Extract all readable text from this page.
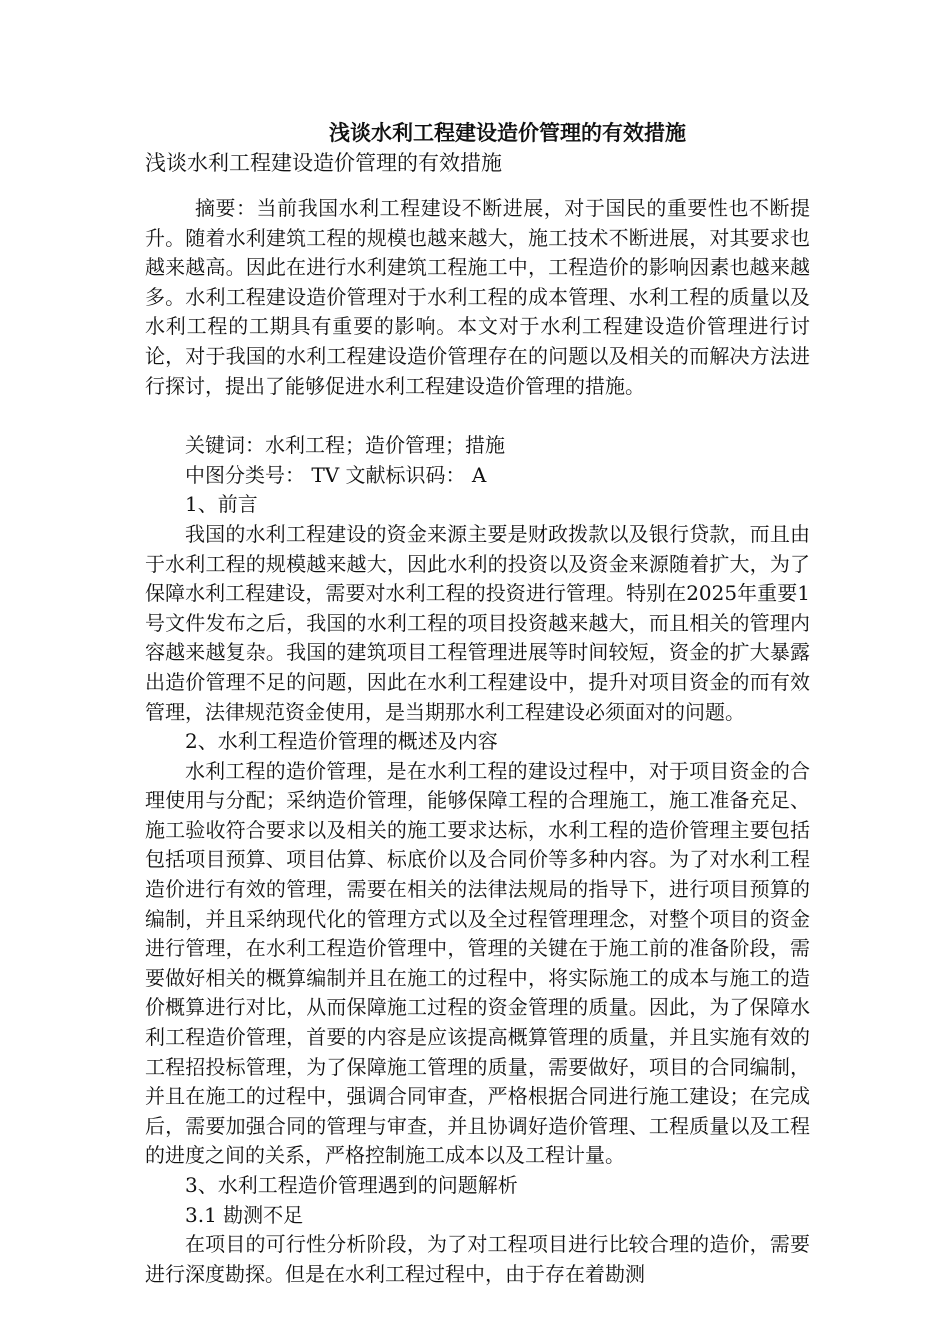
浅谈水利工程建设造价管理的有效措施
浅谈水利工程建设造价管理的有效措施

摘要：当前我国水利工程建设不断进展，对于国民的重要性也不断提升。随着水利建筑工程的规模也越来越大，施工技术不断进展，对其要求也越来越高。因此在进行水利建筑工程施工中，工程造价的影响因素也越来越多。水利工程建设造价管理对于水利工程的成本管理、水利工程的质量以及水利工程的工期具有重要的影响。本文对于水利工程建设造价管理进行讨论，对于我国的水利工程建设造价管理存在的问题以及相关的而解决方法进行探讨，提出了能够促进水利工程建设造价管理的措施。

关键词：水利工程；造价管理；措施

中图分类号： TV 文献标识码： A

1、前言

我国的水利工程建设的资金来源主要是财政拨款以及银行贷款，而且由于水利工程的规模越来越大，因此水利的投资以及资金来源随着扩大，为了保障水利工程建设，需要对水利工程的投资进行管理。特别在2025年重要1号文件发布之后，我国的水利工程的项目投资越来越大，而且相关的管理内容越来越复杂。我国的建筑项目工程管理进展等时间较短，资金的扩大暴露出造价管理不足的问题，因此在水利工程建设中，提升对项目资金的而有效管理，法律规范资金使用，是当期那水利工程建设必须面对的问题。

2、水利工程造价管理的概述及内容

水利工程的造价管理，是在水利工程的建设过程中，对于项目资金的合理使用与分配；采纳造价管理，能够保障工程的合理施工，施工准备充足、施工验收符合要求以及相关的施工要求达标，水利工程的造价管理主要包括包括项目预算、项目估算、标底价以及合同价等多种内容。为了对水利工程造价进行有效的管理，需要在相关的法律法规局的指导下，进行项目预算的编制，并且采纳现代化的管理方式以及全过程管理理念，对整个项目的资金进行管理，在水利工程造价管理中，管理的关键在于施工前的准备阶段，需要做好相关的概算编制并且在施工的过程中，将实际施工的成本与施工的造价概算进行对比，从而保障施工过程的资金管理的质量。因此，为了保障水利工程造价管理，首要的内容是应该提高概算管理的质量，并且实施有效的工程招投标管理，为了保障施工管理的质量，需要做好，项目的合同编制，并且在施工的过程中，强调合同审查，严格根据合同进行施工建设；在完成后，需要加强合同的管理与审查，并且协调好造价管理、工程质量以及工程的进度之间的关系，严格控制施工成本以及工程计量。

3、水利工程造价管理遇到的问题解析

3.1 勘测不足

在项目的可行性分析阶段，为了对工程项目进行比较合理的造价，需要进行深度勘探。但是在水利工程过程中，由于存在着勘测
